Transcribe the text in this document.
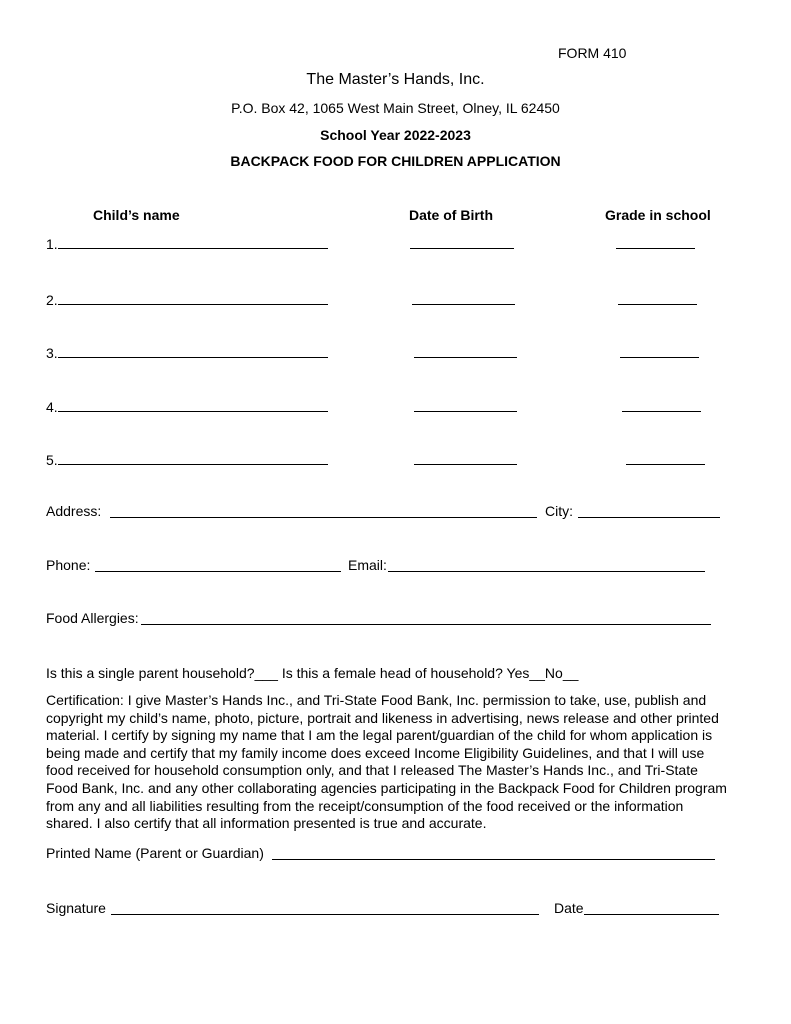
FORM 410
The Master’s Hands, Inc.
P.O. Box 42, 1065 West Main Street, Olney, IL 62450
School Year 2022-2023
BACKPACK FOOD FOR CHILDREN APPLICATION
Child’s name	Date of Birth	Grade in school
1.
2.
3.
4.
5.
Address:	City:
Phone:	Email:
Food Allergies:
Is this a single parent household?___ Is this a female head of household? Yes__No__
Certification: I give Master’s Hands Inc., and Tri-State Food Bank, Inc. permission to take, use, publish and
copyright my child’s name, photo, picture, portrait and likeness in advertising, news release and other printed
material. I certify by signing my name that I am the legal parent/guardian of the child for whom application is
being made and certify that my family income does exceed Income Eligibility Guidelines, and that I will use
food received for household consumption only, and that I released The Master’s Hands Inc., and Tri-State
Food Bank, Inc. and any other collaborating agencies participating in the Backpack Food for Children program
from any and all liabilities resulting from the receipt/consumption of the food received or the information
shared. I also certify that all information presented is true and accurate.
Printed Name (Parent or Guardian)
Signature	Date
